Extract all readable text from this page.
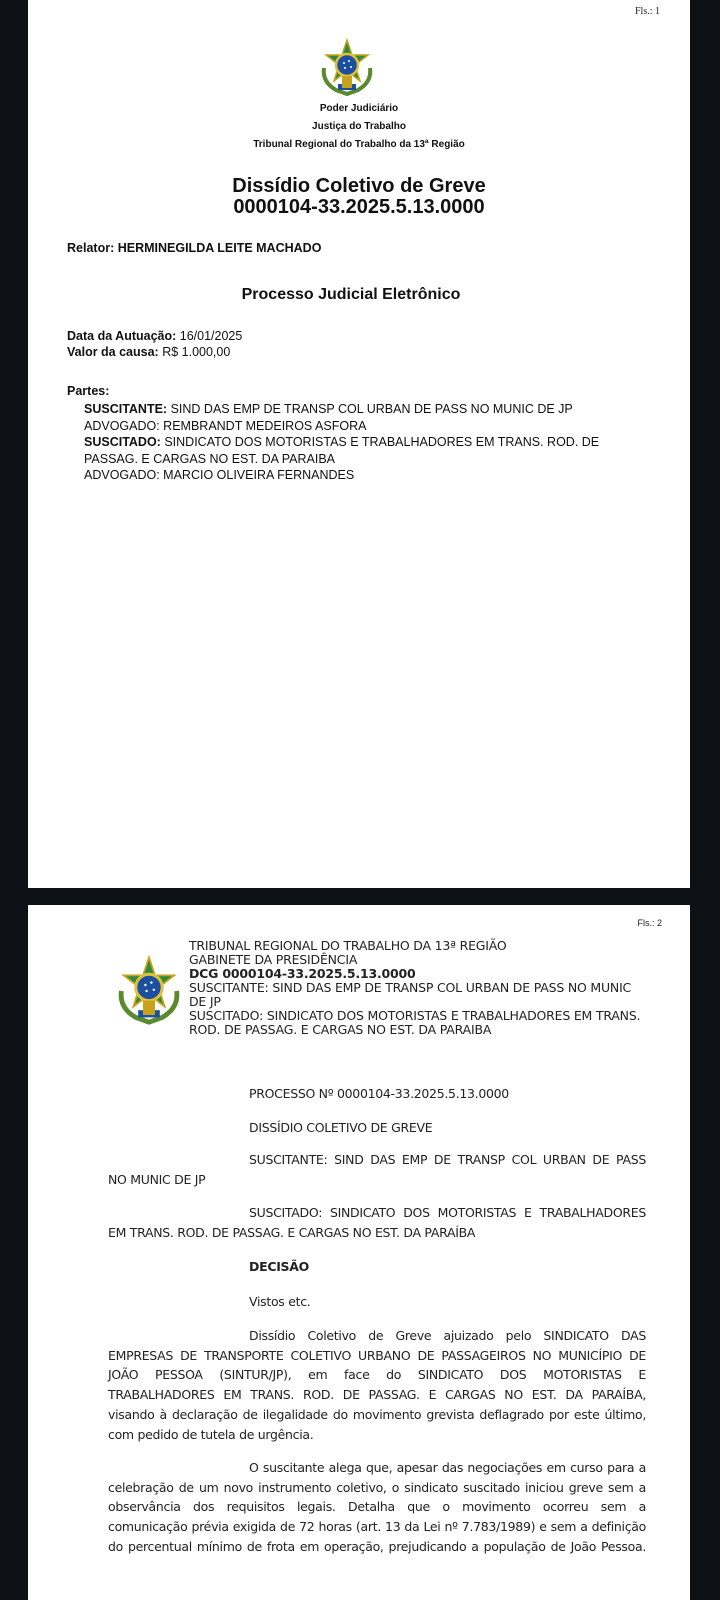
Fls.: 1
Poder Judiciário
Justiça do Trabalho
Tribunal Regional do Trabalho da 13ª Região
Dissídio Coletivo de Greve
0000104-33.2025.5.13.0000
Relator: HERMINEGILDA LEITE MACHADO
Processo Judicial Eletrônico
Data da Autuação: 16/01/2025
Valor da causa: R$ 1.000,00
Partes:
SUSCITANTE: SIND DAS EMP DE TRANSP COL URBAN DE PASS NO MUNIC DE JP
ADVOGADO: REMBRANDT MEDEIROS ASFORA
SUSCITADO: SINDICATO DOS MOTORISTAS E TRABALHADORES EM TRANS. ROD. DE
PASSAG. E CARGAS NO EST. DA PARAIBA
ADVOGADO: MARCIO OLIVEIRA FERNANDES
Fls.: 2
TRIBUNAL REGIONAL DO TRABALHO DA 13ª REGIÃO
GABINETE DA PRESIDÊNCIA
DCG 0000104-33.2025.5.13.0000
SUSCITANTE: SIND DAS EMP DE TRANSP COL URBAN DE PASS NO MUNIC
DE JP
SUSCITADO: SINDICATO DOS MOTORISTAS E TRABALHADORES EM TRANS.
ROD. DE PASSAG. E CARGAS NO EST. DA PARAIBA
PROCESSO Nº 0000104-33.2025.5.13.0000
DISSÍDIO COLETIVO DE GREVE
SUSCITANTE: SIND DAS EMP DE TRANSP COL URBAN DE PASS
NO MUNIC DE JP
SUSCITADO: SINDICATO DOS MOTORISTAS E TRABALHADORES
EM TRANS. ROD. DE PASSAG. E CARGAS NO EST. DA PARAÍBA
DECISÃO
Vistos etc.
Dissídio Coletivo de Greve ajuizado pelo SINDICATO DAS
EMPRESAS DE TRANSPORTE COLETIVO URBANO DE PASSAGEIROS NO MUNICÍPIO DE
JOÃO PESSOA (SINTUR/JP), em face do SINDICATO DOS MOTORISTAS E
TRABALHADORES EM TRANS. ROD. DE PASSAG. E CARGAS NO EST. DA PARAÍBA,
visando à declaração de ilegalidade do movimento grevista deflagrado por este último,
com pedido de tutela de urgência.
O suscitante alega que, apesar das negociações em curso para a
celebração de um novo instrumento coletivo, o sindicato suscitado iniciou greve sem a
observância dos requisitos legais. Detalha que o movimento ocorreu sem a
comunicação prévia exigida de 72 horas (art. 13 da Lei nº 7.783/1989) e sem a definição
do percentual mínimo de frota em operação, prejudicando a população de João Pessoa.
